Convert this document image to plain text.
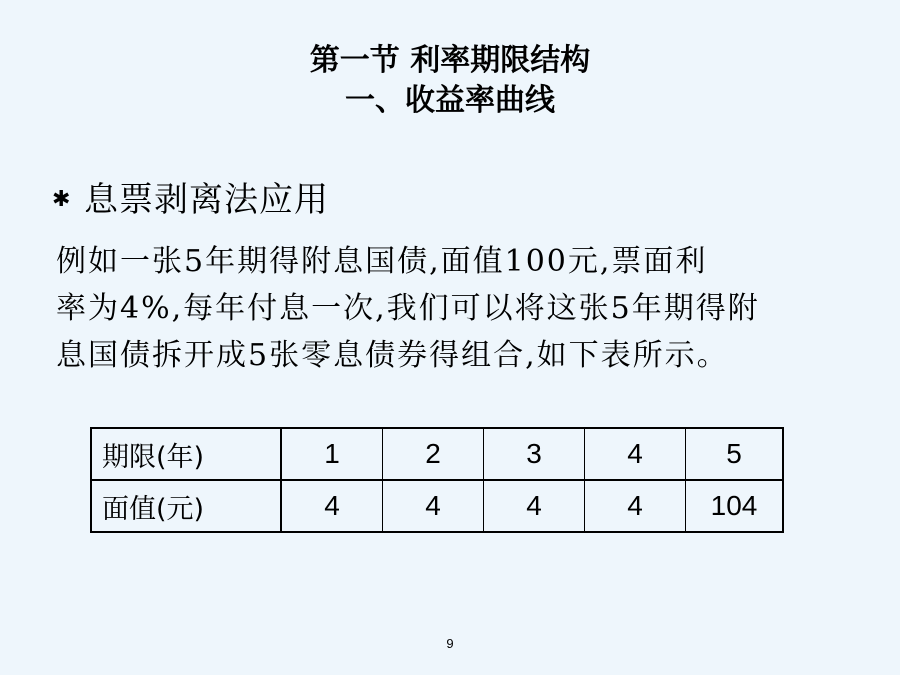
第一节 利率期限结构
一、收益率曲线
✱ 息票剥离法应用
例如一张5年期得附息国债,面值100元,票面利
率为4%,每年付息一次,我们可以将这张5年期得附
息国债拆开成5张零息债券得组合,如下表所示。
期限(年)	1	2	3	4	5
面值(元)	4	4	4	4	104
9
